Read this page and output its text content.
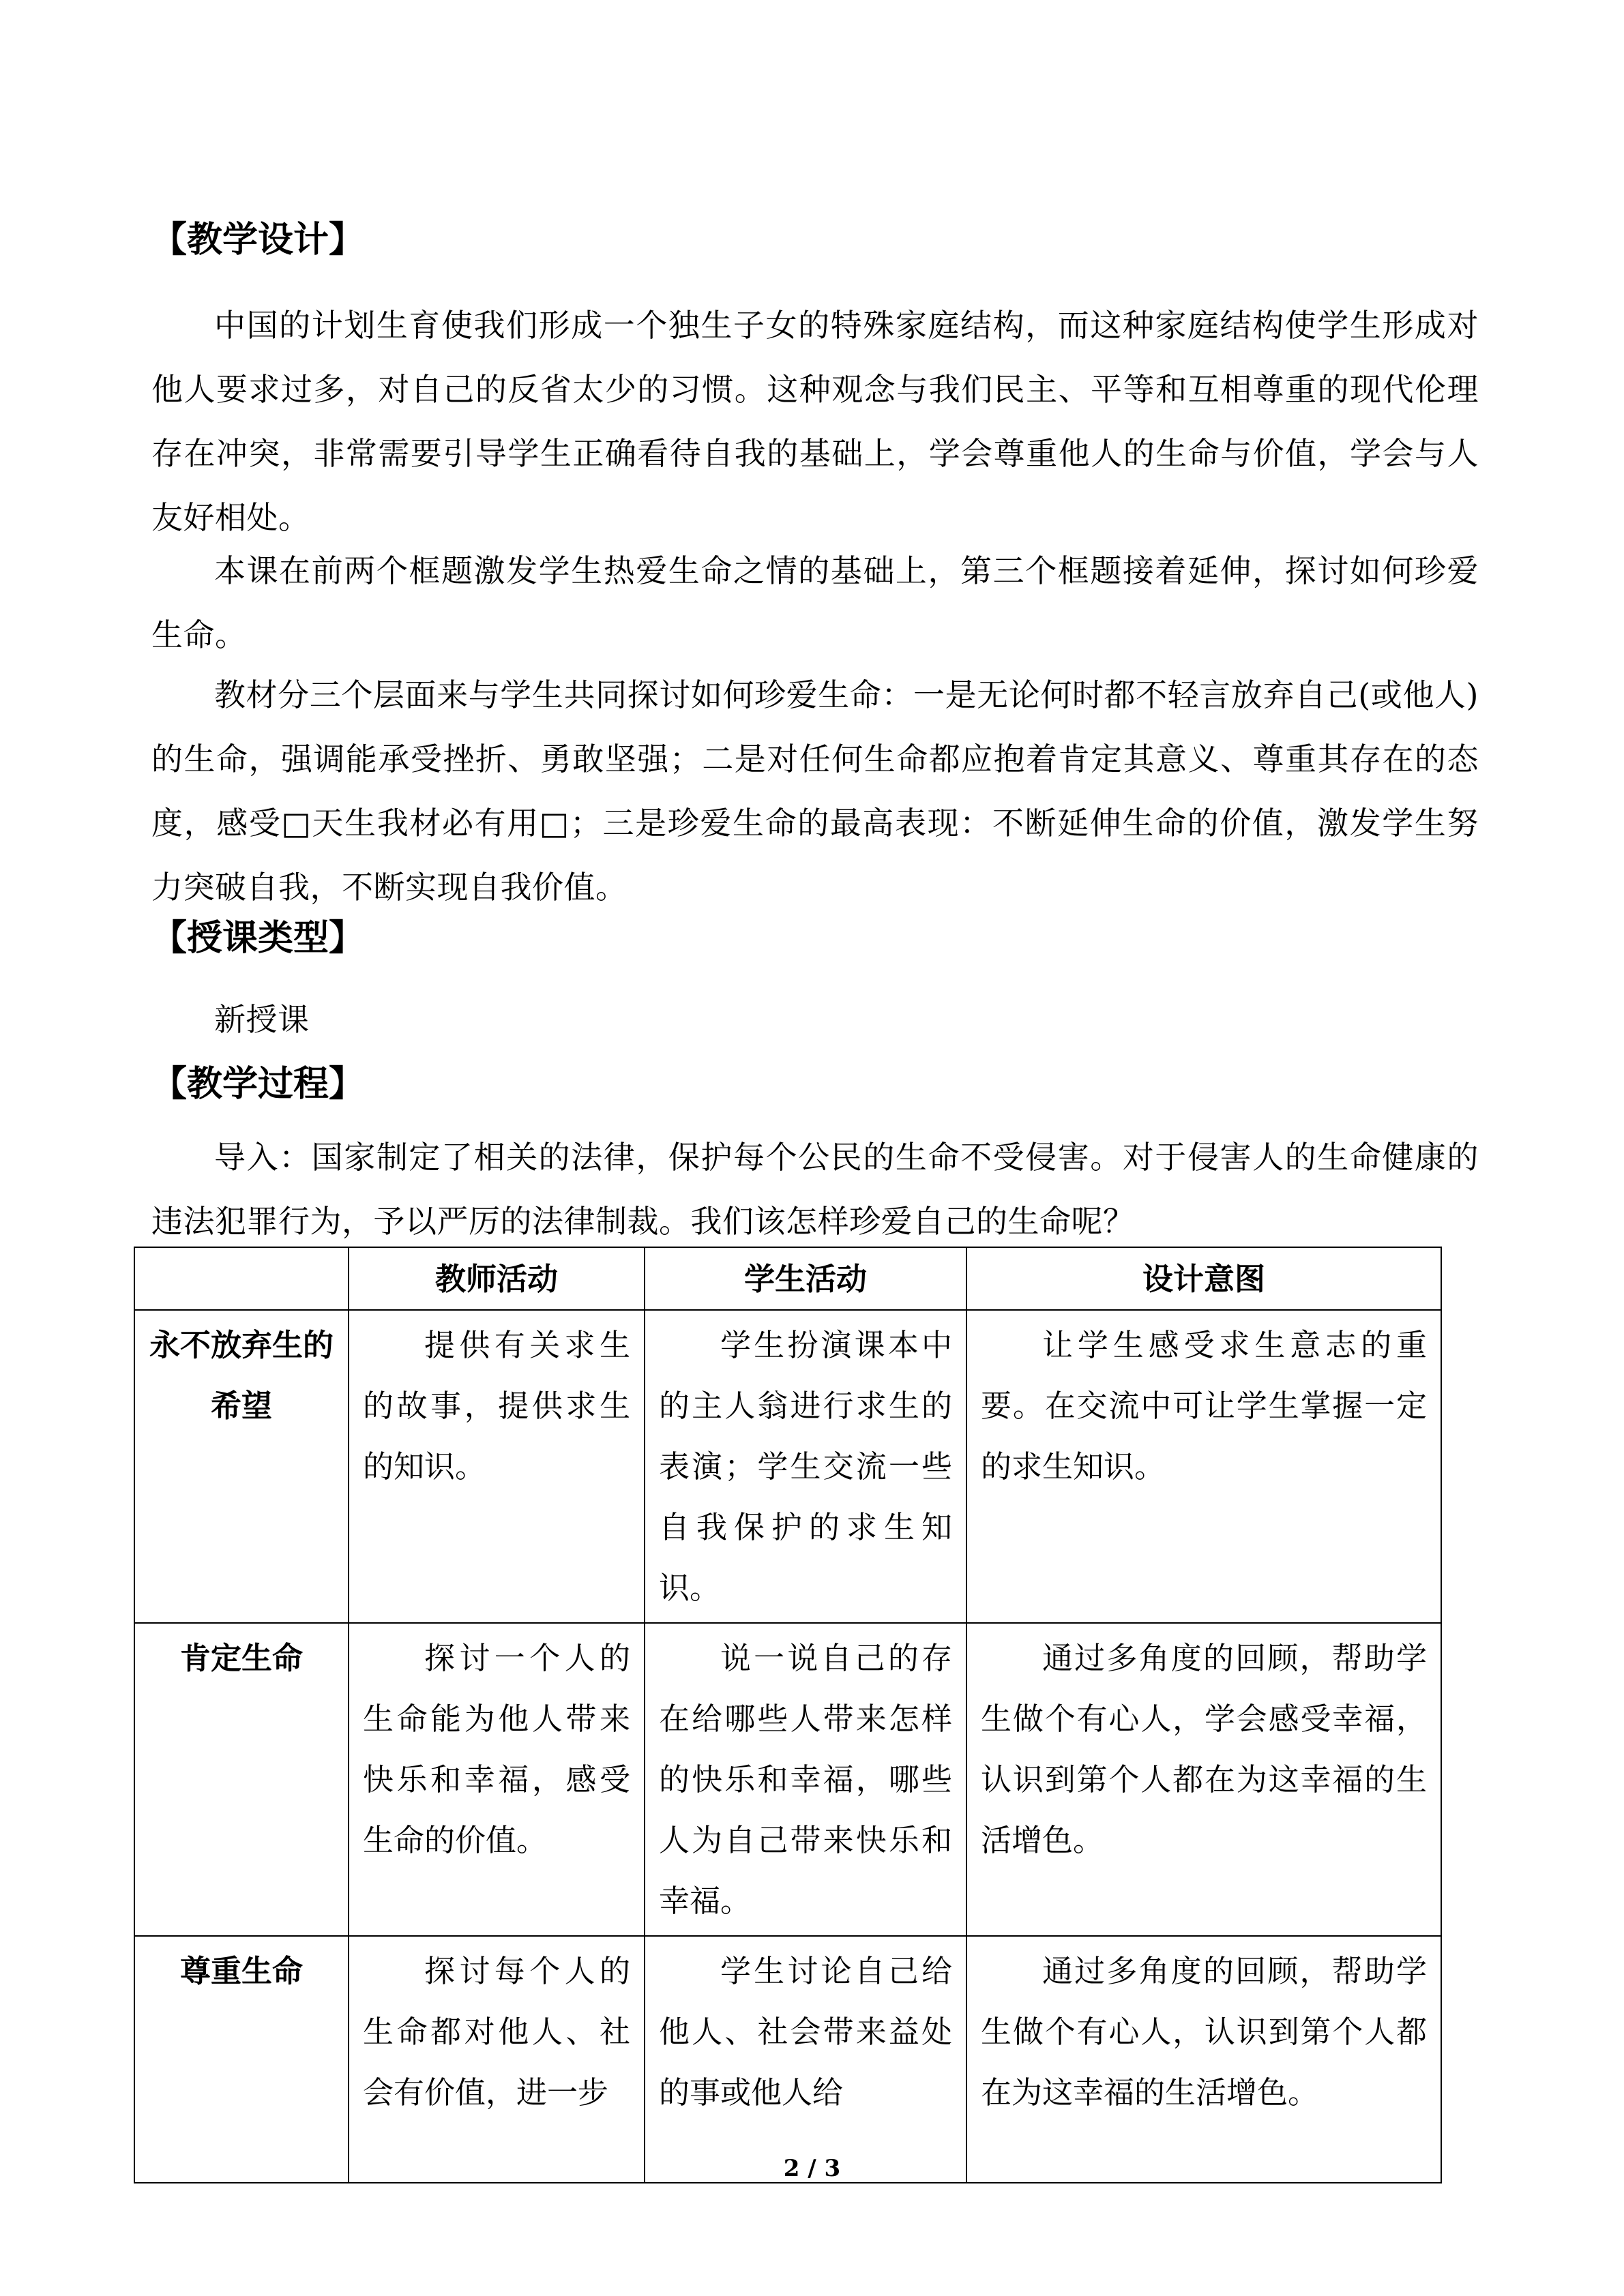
【教学设计】
中国的计划生育使我们形成一个独生子女的特殊家庭结构，而这种家庭结构使学生形成对他人要求过多，对自己的反省太少的习惯。这种观念与我们民主、平等和互相尊重的现代伦理存在冲突，非常需要引导学生正确看待自我的基础上，学会尊重他人的生命与价值，学会与人友好相处。
本课在前两个框题激发学生热爱生命之情的基础上，第三个框题接着延伸，探讨如何珍爱生命。
教材分三个层面来与学生共同探讨如何珍爱生命：一是无论何时都不轻言放弃自己(或他人)的生命，强调能承受挫折、勇敢坚强；二是对任何生命都应抱着肯定其意义、尊重其存在的态度，感受□天生我材必有用□；三是珍爱生命的最高表现：不断延伸生命的价值，激发学生努力突破自我，不断实现自我价值。
【授课类型】
新授课
【教学过程】
导入：国家制定了相关的法律，保护每个公民的生命不受侵害。对于侵害人的生命健康的违法犯罪行为，予以严厉的法律制裁。我们该怎样珍爱自己的生命呢？
	教师活动	学生活动	设计意图
永不放弃生的希望	提供有关求生的故事，提供求生的知识。	学生扮演课本中的主人翁进行求生的表演；学生交流一些自我保护的求生知识。	让学生感受求生意志的重要。在交流中可让学生掌握一定的求生知识。
肯定生命	探讨一个人的生命能为他人带来快乐和幸福，感受生命的价值。	说一说自己的存在给哪些人带来怎样的快乐和幸福，哪些人为自己带来快乐和幸福。	通过多角度的回顾，帮助学生做个有心人，学会感受幸福，认识到第个人都在为这幸福的生活增色。
尊重生命	探讨每个人的生命都对他人、社会有价值，进一步	学生讨论自己给他人、社会带来益处的事或他人给	通过多角度的回顾，帮助学生做个有心人，认识到第个人都在为这幸福的生活增色。
2 / 3
